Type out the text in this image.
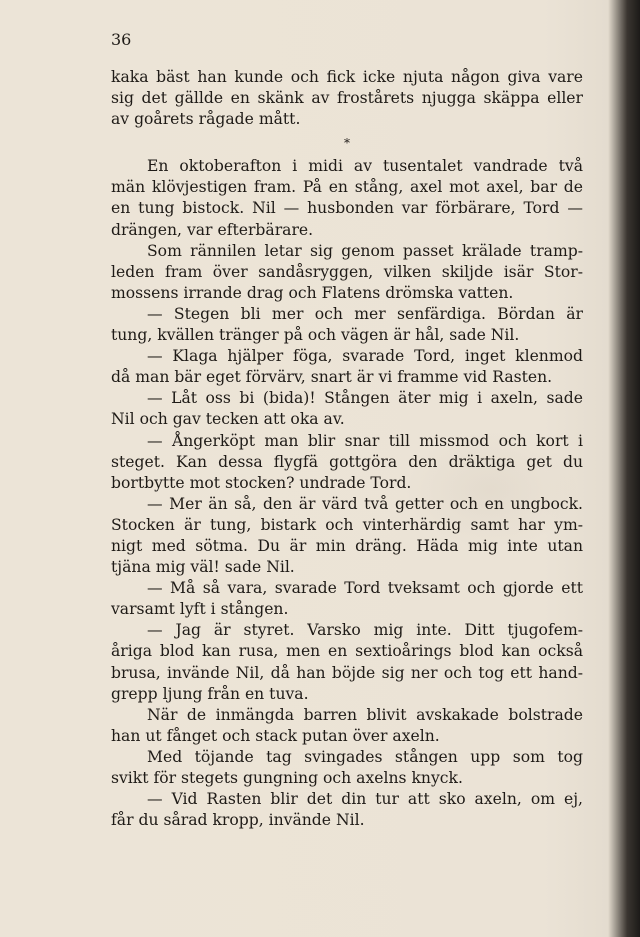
36
kaka bäst han kunde och fick icke njuta någon giva vare
sig det gällde en skänk av frostårets njugga skäppa eller
av goårets rågade mått.
*
En oktoberafton i midi av tusentalet vandrade två
män klövjestigen fram. På en stång, axel mot axel, bar de
en tung bistock. Nil — husbonden var förbärare, Tord —
drängen, var efterbärare.
Som rännilen letar sig genom passet krälade tramp-
leden fram över sandåsryggen, vilken skiljde isär Stor-
mossens irrande drag och Flatens drömska vatten.
— Stegen bli mer och mer senfärdiga. Bördan är
tung, kvällen tränger på och vägen är hål, sade Nil.
— Klaga hjälper föga, svarade Tord, inget klenmod
då man bär eget förvärv, snart är vi framme vid Rasten.
— Låt oss bi (bida)! Stången äter mig i axeln, sade
Nil och gav tecken att oka av.
— Ångerköpt man blir snar till missmod och kort i
steget. Kan dessa flygfä gottgöra den dräktiga get du
bortbytte mot stocken? undrade Tord.
— Mer än så, den är värd två getter och en ungbock.
Stocken är tung, bistark och vinterhärdig samt har ym-
nigt med sötma. Du är min dräng. Häda mig inte utan
tjäna mig väl! sade Nil.
— Må så vara, svarade Tord tveksamt och gjorde ett
varsamt lyft i stången.
— Jag är styret. Varsko mig inte. Ditt tjugofem-
åriga blod kan rusa, men en sextioårings blod kan också
brusa, invände Nil, då han böjde sig ner och tog ett hand-
grepp ljung från en tuva.
När de inmängda barren blivit avskakade bolstrade
han ut fånget och stack putan över axeln.
Med töjande tag svingades stången upp som tog
svikt för stegets gungning och axelns knyck.
— Vid Rasten blir det din tur att sko axeln, om ej,
får du sårad kropp, invände Nil.
